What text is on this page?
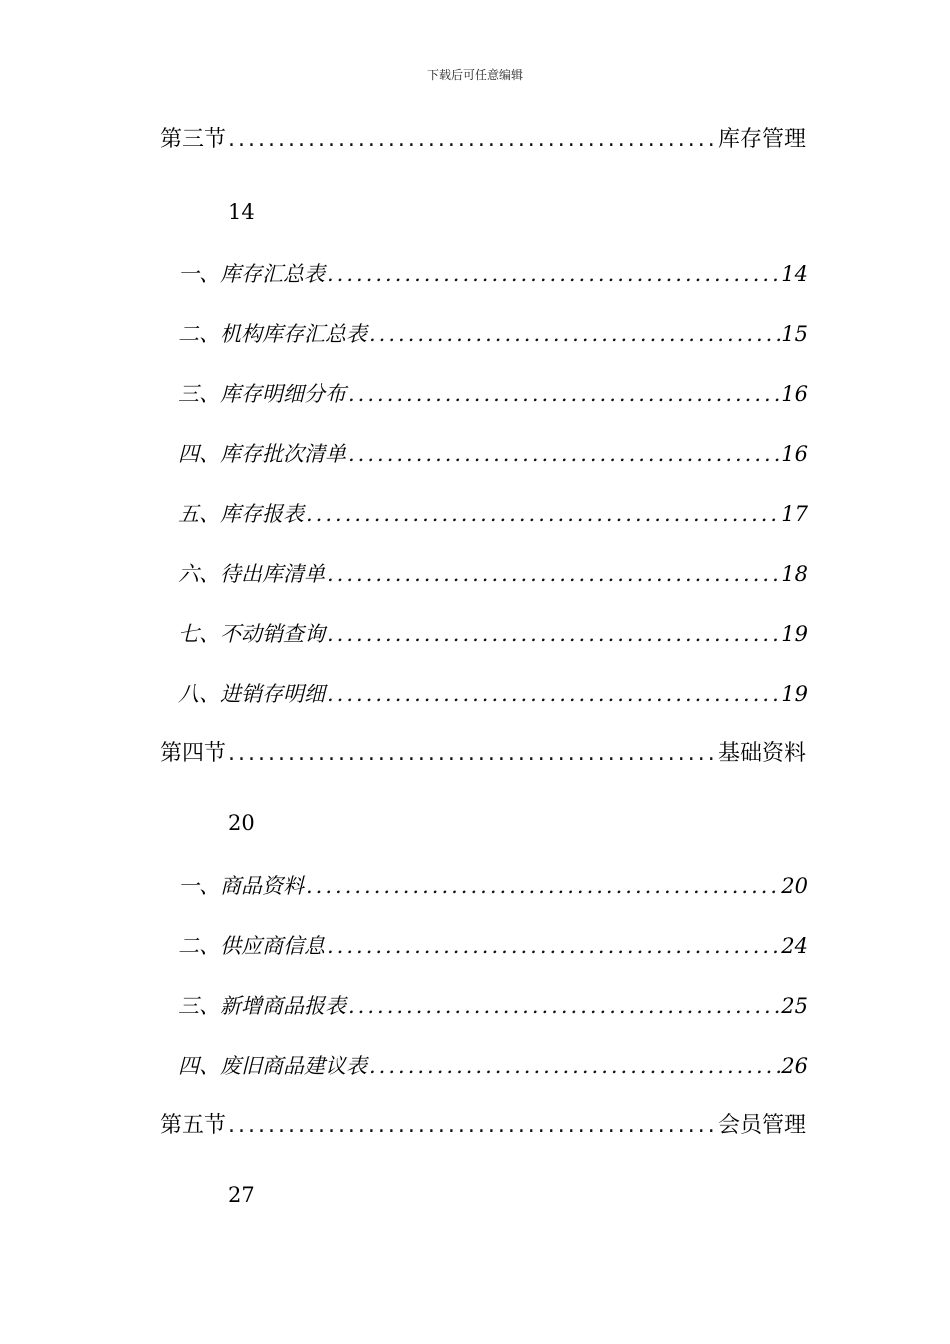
下载后可任意编辑
第三节 .....	库存管理
14
一、 库存汇总表 .....	14
二、 机构库存汇总表 .....	15
三、 库存明细分布 .....	16
四、 库存批次清单 .....	16
五、 库存报表 .....	17
六、 待出库清单 .....	18
七、 不动销查询 .....	19
八、 进销存明细 .....	19
第四节 .....	基础资料
20
一、 商品资料 .....	20
二、 供应商信息 .....	24
三、 新增商品报表 .....	25
四、 废旧商品建议表 .....	26
第五节 .....	会员管理
27
